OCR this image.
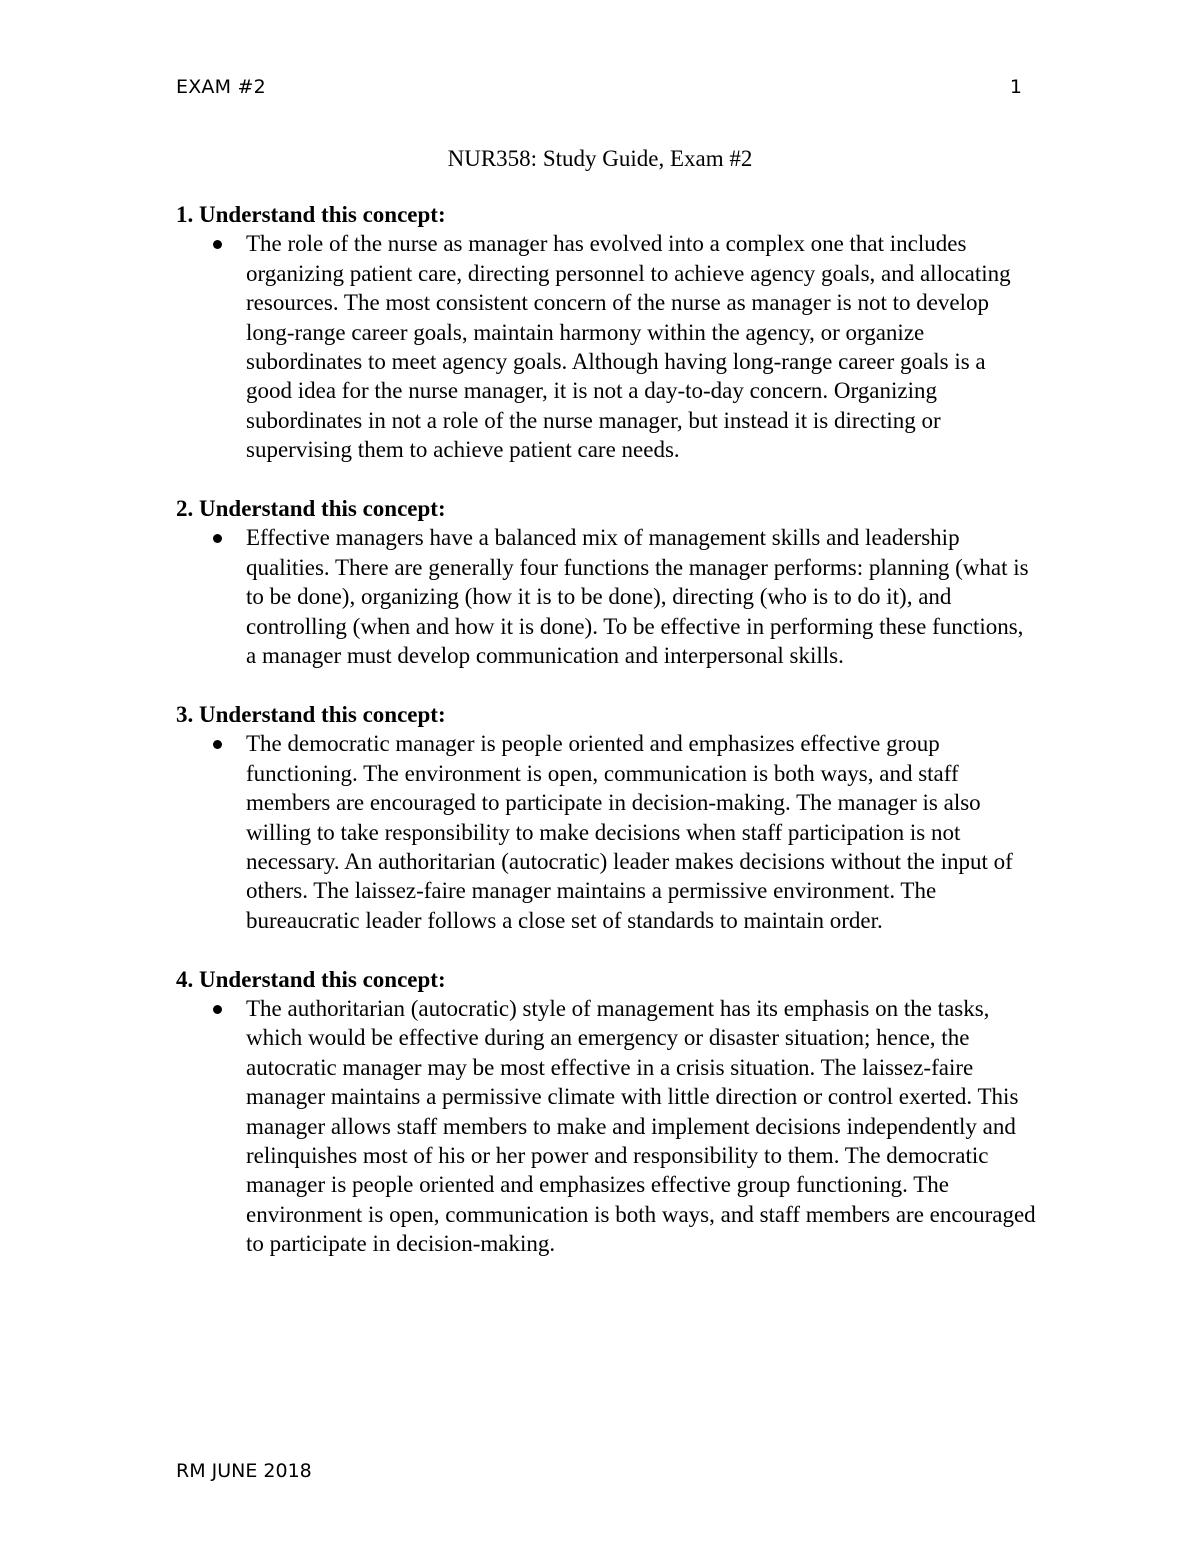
EXAM #2	1
NUR358: Study Guide, Exam #2

1. Understand this concept:

The role of the nurse as manager has evolved into a complex one that includes organizing patient care, directing personnel to achieve agency goals, and allocating resources. The most consistent concern of the nurse as manager is not to develop long-range career goals, maintain harmony within the agency, or organize subordinates to meet agency goals. Although having long-range career goals is a good idea for the nurse manager, it is not a day-to-day concern. Organizing subordinates in not a role of the nurse manager, but instead it is directing or supervising them to achieve patient care needs.

2. Understand this concept:

Effective managers have a balanced mix of management skills and leadership qualities. There are generally four functions the manager performs: planning (what is to be done), organizing (how it is to be done), directing (who is to do it), and controlling (when and how it is done). To be effective in performing these functions, a manager must develop communication and interpersonal skills.

3. Understand this concept:

The democratic manager is people oriented and emphasizes effective group functioning. The environment is open, communication is both ways, and staff members are encouraged to participate in decision-making. The manager is also willing to take responsibility to make decisions when staff participation is not necessary. An authoritarian (autocratic) leader makes decisions without the input of others. The laissez-faire manager maintains a permissive environment. The bureaucratic leader follows a close set of standards to maintain order.

4. Understand this concept:

The authoritarian (autocratic) style of management has its emphasis on the tasks, which would be effective during an emergency or disaster situation; hence, the autocratic manager may be most effective in a crisis situation. The laissez-faire manager maintains a permissive climate with little direction or control exerted. This manager allows staff members to make and implement decisions independently and relinquishes most of his or her power and responsibility to them. The democratic manager is people oriented and emphasizes effective group functioning. The environment is open, communication is both ways, and staff members are encouraged to participate in decision-making.
RM JUNE 2018
